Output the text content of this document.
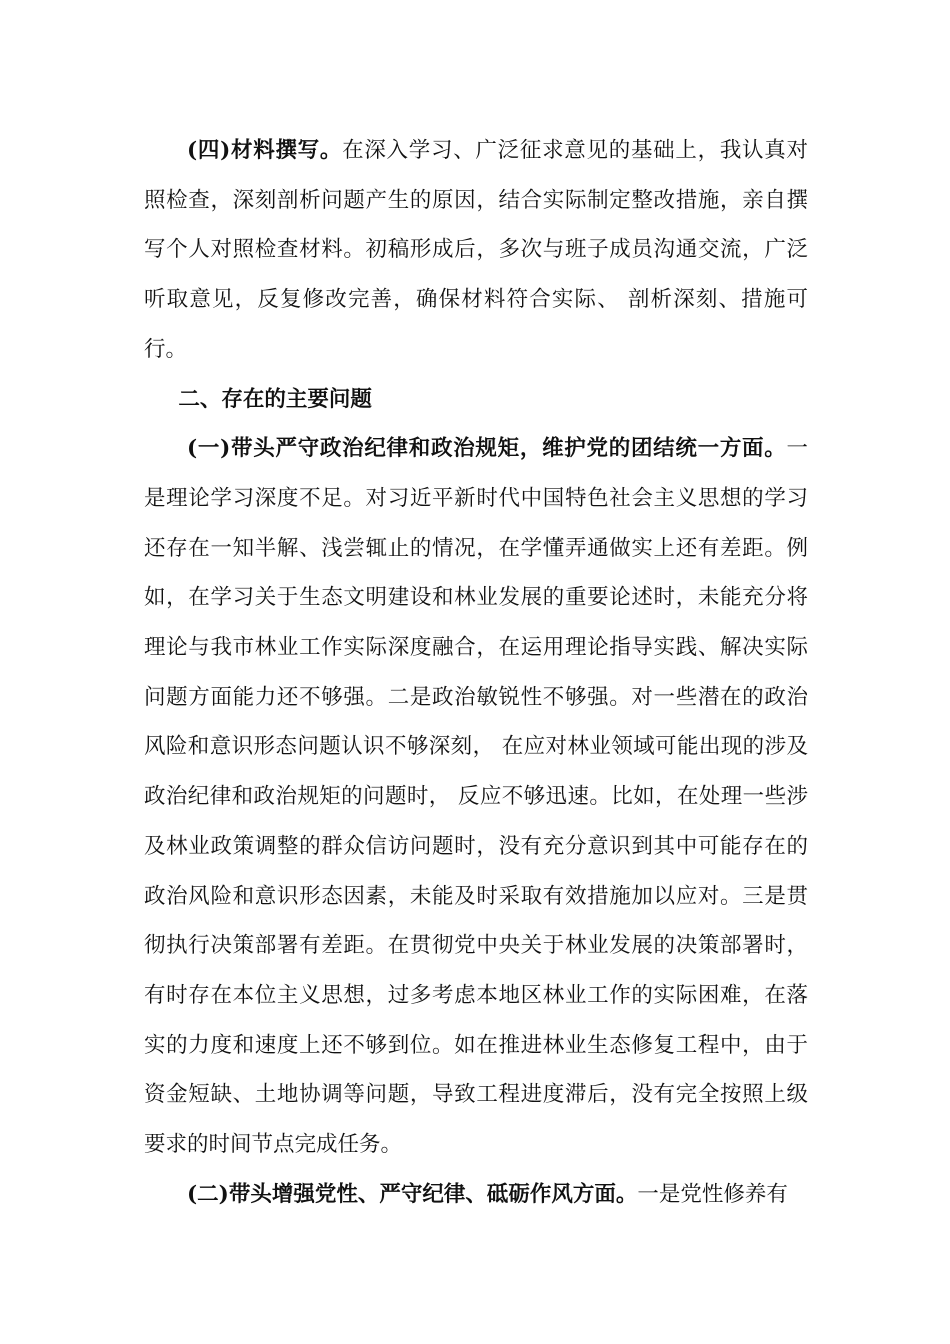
(四)材料撰写。在深入学习、广泛征求意见的基础上，我认真对照检查，深刻剖析问题产生的原因，结合实际制定整改措施，亲自撰写个人对照检查材料。初稿形成后，多次与班子成员沟通交流，广泛听取意见，反复修改完善，确保材料符合实际、 剖析深刻、措施可行。

二、存在的主要问题

(一)带头严守政治纪律和政治规矩，维护党的团结统一方面。一是理论学习深度不足。对习近平新时代中国特色社会主义思想的学习还存在一知半解、浅尝辄止的情况，在学懂弄通做实上还有差距。例如，在学习关于生态文明建设和林业发展的重要论述时，未能充分将理论与我市林业工作实际深度融合，在运用理论指导实践、解决实际问题方面能力还不够强。二是政治敏锐性不够强。对一些潜在的政治风险和意识形态问题认识不够深刻， 在应对林业领域可能出现的涉及政治纪律和政治规矩的问题时， 反应不够迅速。比如，在处理一些涉及林业政策调整的群众信访问题时，没有充分意识到其中可能存在的政治风险和意识形态因素，未能及时采取有效措施加以应对。三是贯彻执行决策部署有差距。在贯彻党中央关于林业发展的决策部署时，有时存在本位主义思想，过多考虑本地区林业工作的实际困难，在落实的力度和速度上还不够到位。如在推进林业生态修复工程中，由于资金短缺、土地协调等问题，导致工程进度滞后，没有完全按照上级要求的时间节点完成任务。

(二)带头增强党性、严守纪律、砥砺作风方面。一是党性修养有
